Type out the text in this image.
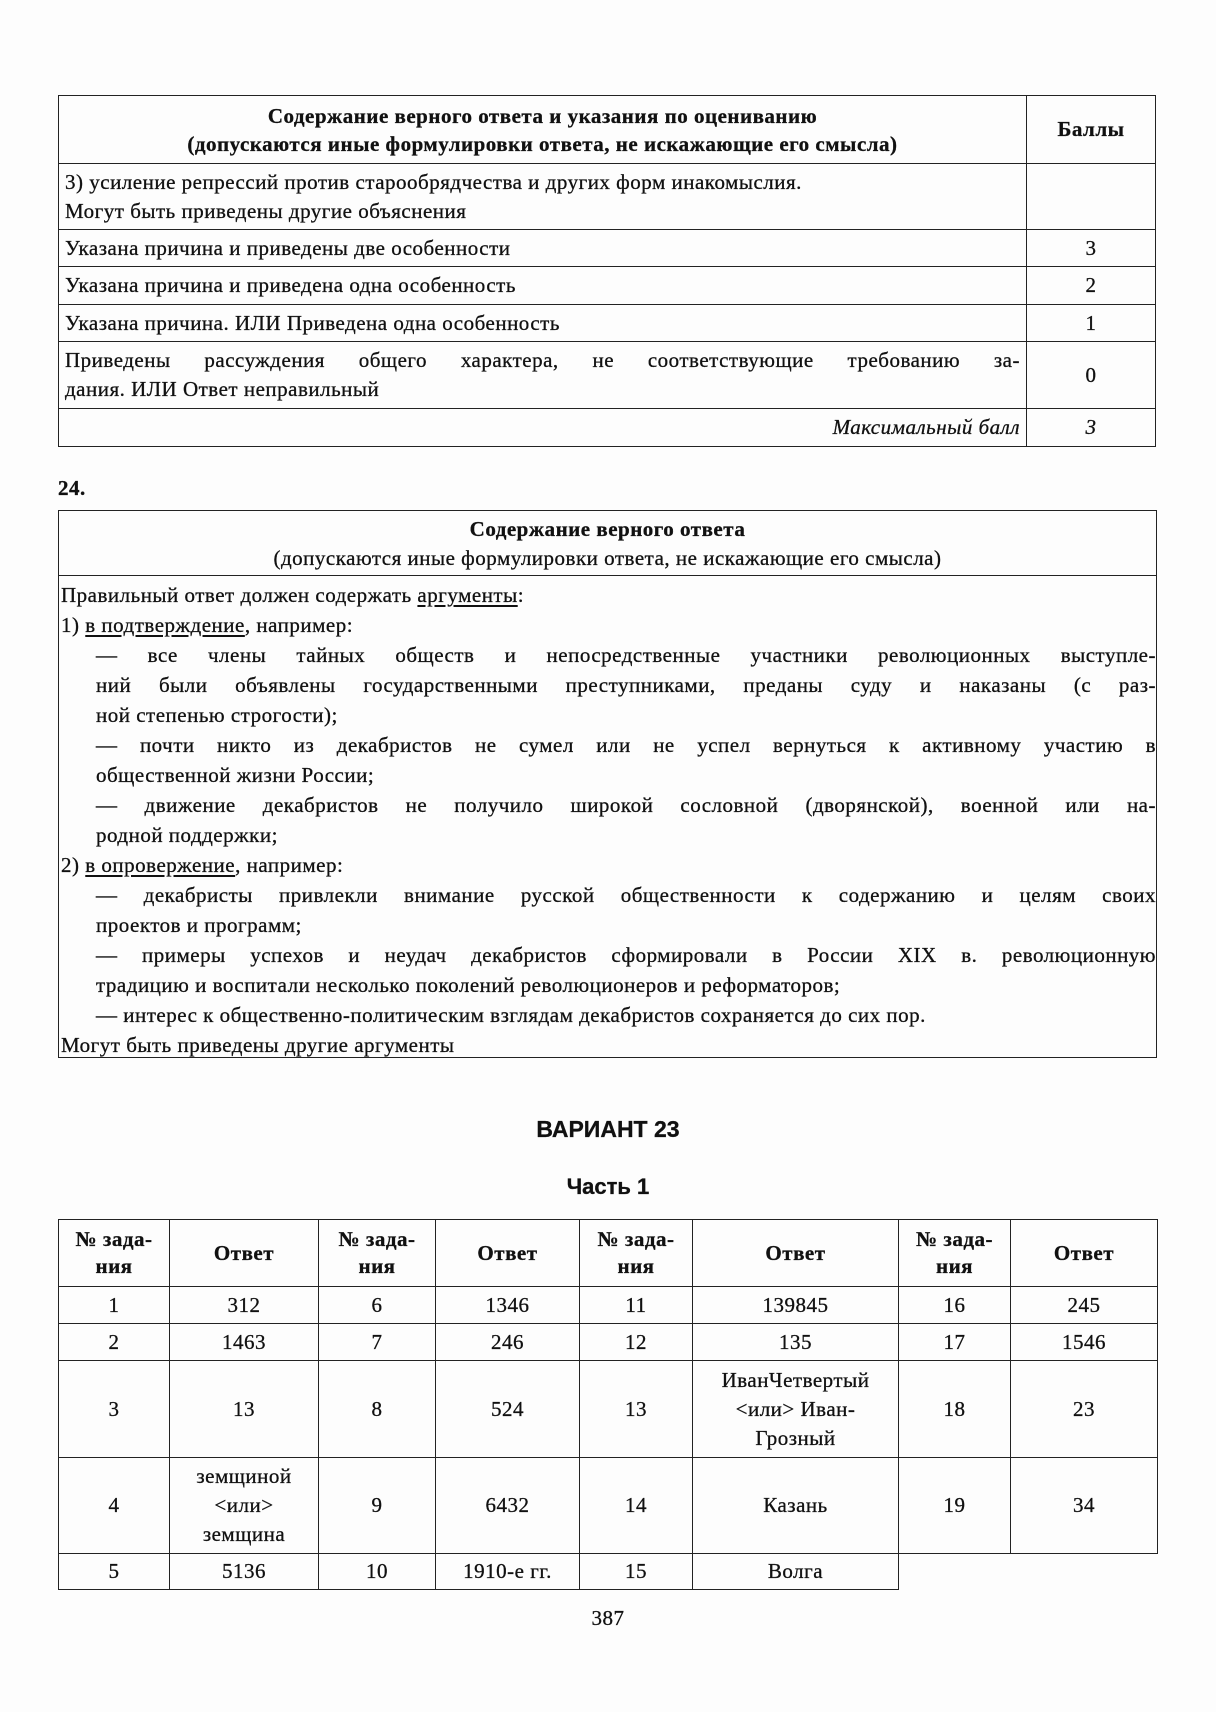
Содержание верного ответа и указания по оцениванию
(допускаются иные формулировки ответа, не искажающие его смысла)	Баллы

3) усиление репрессий против старообрядчества и других форм инакомыслия.
Могут быть приведены другие объяснения	

Указана причина и приведены две особенности	3
Указана причина и приведена одна особенность	2
Указана причина. ИЛИ Приведена одна особенность	1

Приведены рассуждения общего характера, не соответствующие требованию за-
дания. ИЛИ Ответ неправильный	0
Максимальный балл	3
24.
Содержание верного ответа
(допускаются иные формулировки ответа, не искажающие его смысла)
Правильный ответ должен содержать аргументы:
1) в подтверждение, например:
— все члены тайных обществ и непосредственные участники революционных выступле-
ний были объявлены государственными преступниками, преданы суду и наказаны (с раз-
ной степенью строгости);
— почти никто из декабристов не сумел или не успел вернуться к активному участию в
общественной жизни России;
— движение декабристов не получило широкой сословной (дворянской), военной или на-
родной поддержки;
2) в опровержение, например:
— декабристы привлекли внимание русской общественности к содержанию и целям своих
проектов и программ;
— примеры успехов и неудач декабристов сформировали в России XIX в. революционную
традицию и воспитали несколько поколений революционеров и реформаторов;
— интерес к общественно-политическим взглядам декабристов сохраняется до сих пор.
Могут быть приведены другие аргументы
ВАРИАНТ 23
Часть 1
№ зада-
ния	Ответ	№ зада-
ния	Ответ	№ зада-
ния	Ответ	№ зада-
ния	Ответ

1	312	6	1346	11	139845	16	245

2	1463	7	246	12	135	17	1546

3	13	8	524	13	ИванЧетвертый
<или> Иван-
Грозный	18	23

4	земщиной
<или>
земщина	9	6432	14	Казань	19	34

5	5136	10	1910-е гг.	15	Волга		

387
